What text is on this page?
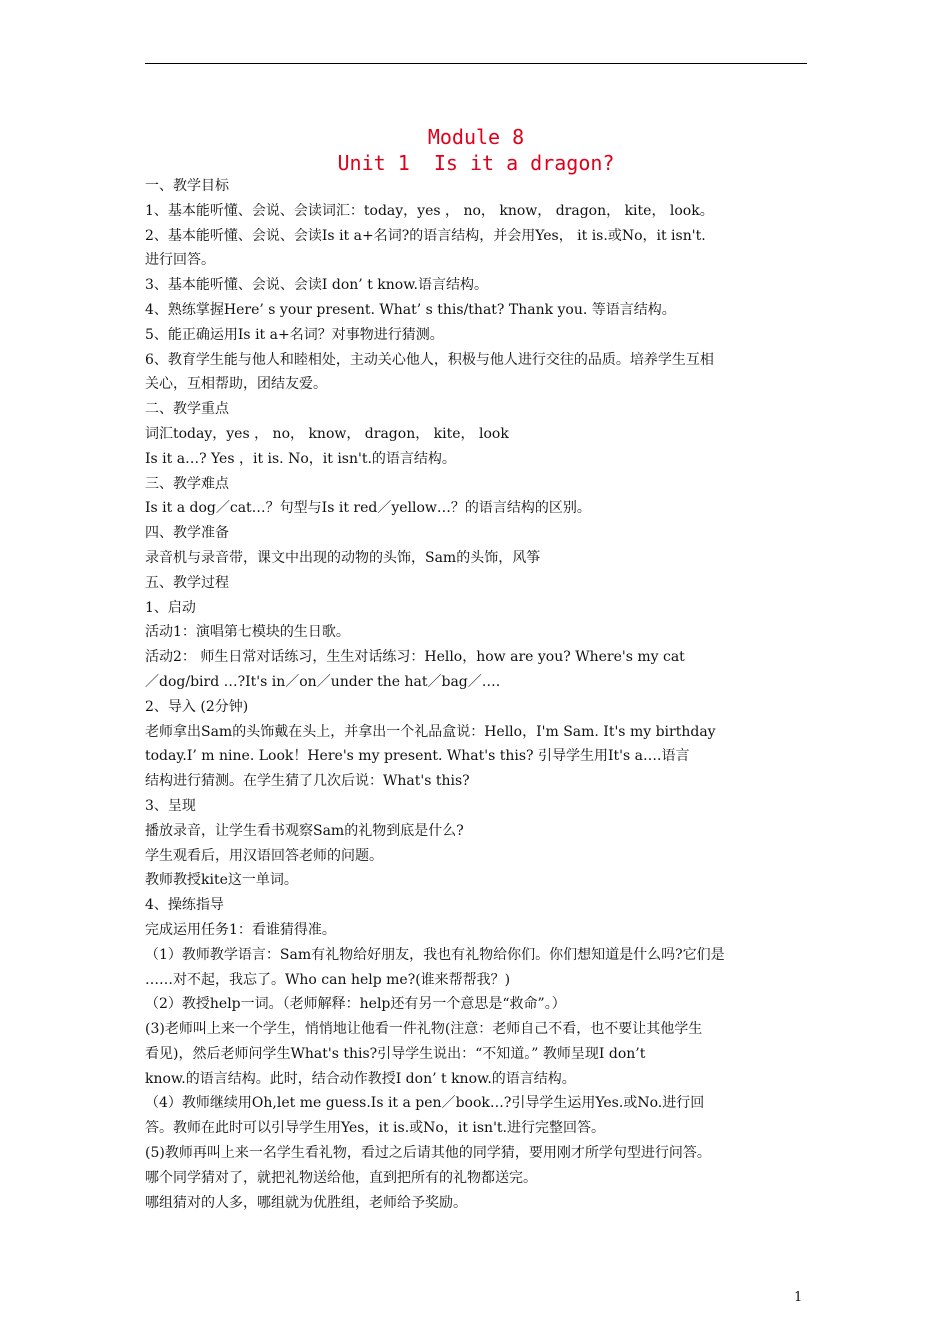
Module 8
Unit 1  Is it a dragon?

一、教学目标

1、基本能听懂、会说、会读词汇：today，yes ， no， know， dragon， kite， look。

2、基本能听懂、会说、会读Is it a+名词?的语言结构，并会用Yes， it is.或No，it isn't.

进行回答。

3、基本能听懂、会说、会读I don’ t know.语言结构。

4、熟练掌握Here’ s your present. What’ s this/that? Thank you. 等语言结构。

5、能正确运用Is it a+名词？对事物进行猜测。

6、教育学生能与他人和睦相处，主动关心他人，积极与他人进行交往的品质。培养学生互相

关心，互相帮助，团结友爱。

二、教学重点

词汇today，yes ， no， know， dragon， kite， look

Is it a…? Yes ，it is. No，it isn't.的语言结构。

三、教学难点

Is it a dog／cat…？句型与Is it red／yellow…？的语言结构的区别。

四、教学准备

录音机与录音带，课文中出现的动物的头饰，Sam的头饰，风筝

五、教学过程

1、启动

活动1：演唱第七模块的生日歌。

活动2： 师生日常对话练习，生生对话练习：Hello，how are you? Where's my cat

／dog/bird …?It's in／on／under the hat／bag／….

2、导入 (2分钟)

老师拿出Sam的头饰戴在头上，并拿出一个礼品盒说：Hello，I'm Sam. It's my birthday

today.I’ m nine. Look！Here's my present. What's this? 引导学生用It's a….语言

结构进行猜测。在学生猜了几次后说：What's this?

3、呈现

播放录音，让学生看书观察Sam的礼物到底是什么?

学生观看后，用汉语回答老师的问题。

教师教授kite这一单词。

4、操练指导

完成运用任务1：看谁猜得准。

（1）教师教学语言：Sam有礼物给好朋友，我也有礼物给你们。你们想知道是什么吗?它们是

……对不起，我忘了。Who can help me?(谁来帮帮我？)

（2）教授help一词。（老师解释：help还有另一个意思是“救命”。）

(3)老师叫上来一个学生，悄悄地让他看一件礼物(注意：老师自己不看，也不要让其他学生

看见)，然后老师问学生What's this?引导学生说出：“不知道。” 教师呈现I don’t

know.的语言结构。此时，结合动作教授I don’ t know.的语言结构。

（4）教师继续用Oh,let me guess.Is it a pen／book…?引导学生运用Yes.或No.进行回

答。教师在此时可以引导学生用Yes，it is.或No，it isn't.进行完整回答。

(5)教师再叫上来一名学生看礼物，看过之后请其他的同学猜，要用刚才所学句型进行问答。

哪个同学猜对了，就把礼物送给他，直到把所有的礼物都送完。

哪组猜对的人多，哪组就为优胜组，老师给予奖励。

1
